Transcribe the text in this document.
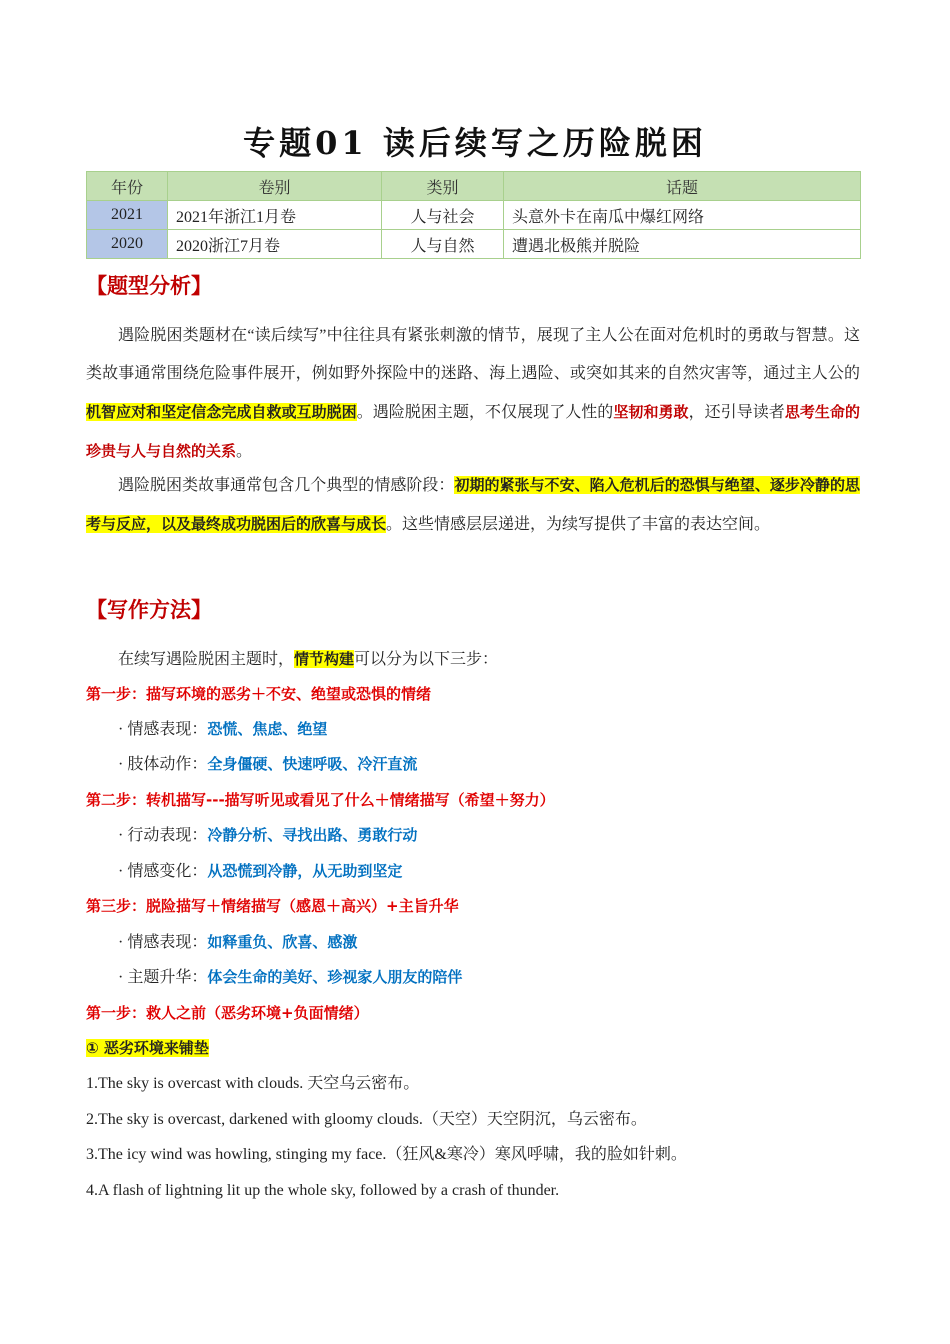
专题01 读后续写之历险脱困
年份	卷别	类别	话题
2021	2021年浙江1月卷	人与社会	头意外卡在南瓜中爆红网络
2020	2020浙江7月卷	人与自然	遭遇北极熊并脱险
【题型分析】
遇险脱困类题材在“读后续写”中往往具有紧张刺激的情节，展现了主人公在面对危机时的勇敢与智慧。这类故事通常围绕危险事件展开，例如野外探险中的迷路、海上遇险、或突如其来的自然灾害等，通过主人公的机智应对和坚定信念完成自救或互助脱困。遇险脱困主题，不仅展现了人性的坚韧和勇敢，还引导读者思考生命的珍贵与人与自然的关系。
遇险脱困类故事通常包含几个典型的情感阶段：初期的紧张与不安、陷入危机后的恐惧与绝望、逐步冷静的思考与反应，以及最终成功脱困后的欣喜与成长。这些情感层层递进，为续写提供了丰富的表达空间。
【写作方法】
在续写遇险脱困主题时，情节构建可以分为以下三步：
第一步：描写环境的恶劣＋不安、绝望或恐惧的情绪
· 情感表现：恐慌、焦虑、绝望
· 肢体动作：全身僵硬、快速呼吸、冷汗直流
第二步：转机描写---描写听见或看见了什么＋情绪描写（希望＋努力）
· 行动表现：冷静分析、寻找出路、勇敢行动
· 情感变化：从恐慌到冷静，从无助到坚定
第三步：脱险描写＋情绪描写（感恩＋高兴）+主旨升华
· 情感表现：如释重负、欣喜、感激
· 主题升华：体会生命的美好、珍视家人朋友的陪伴
第一步：救人之前（恶劣环境+负面情绪）
① 恶劣环境来铺垫
1.The sky is overcast with clouds. 天空乌云密布。
2.The sky is overcast, darkened with gloomy clouds.（天空）天空阴沉，乌云密布。
3.The icy wind was howling, stinging my face.（狂风&寒冷）寒风呼啸，我的脸如针刺。
4.A flash of lightning lit up the whole sky, followed by a crash of thunder.
